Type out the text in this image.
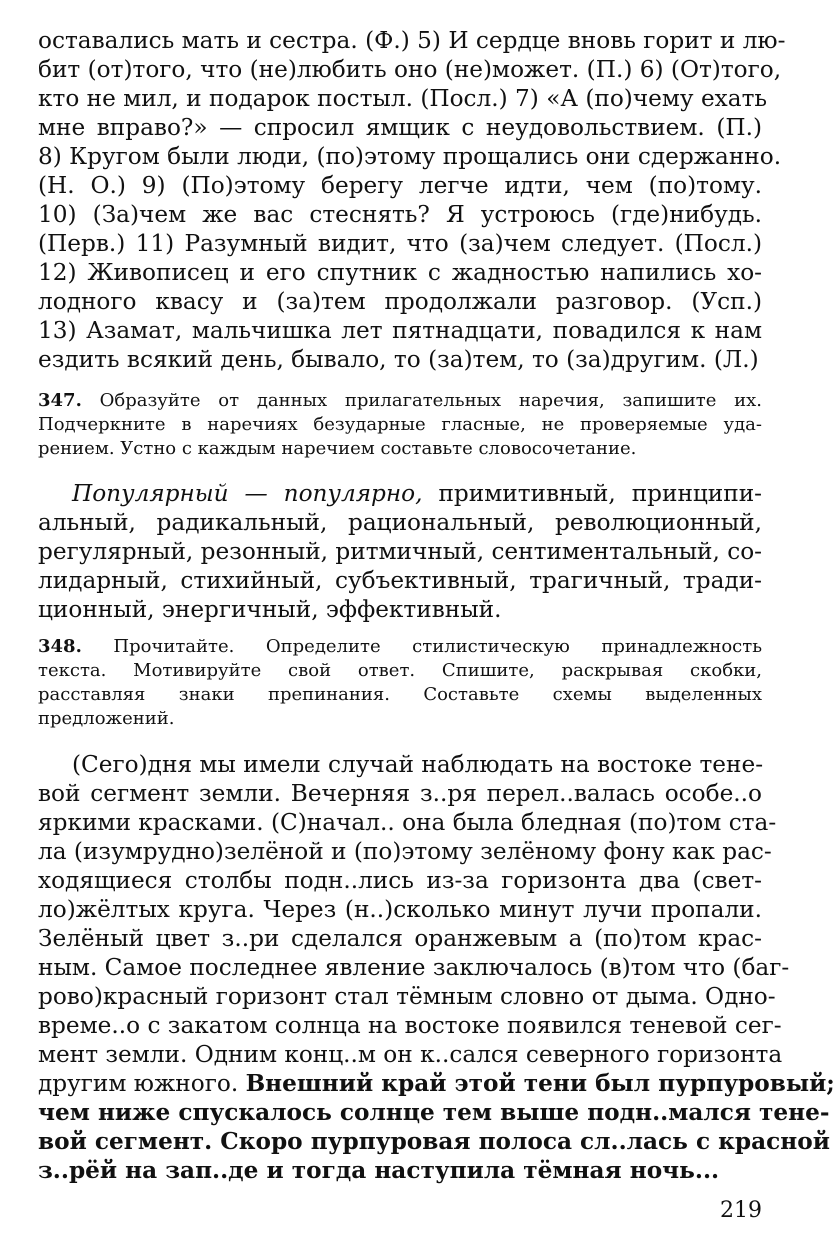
оставались мать и сестра. (Ф.) 5) И сердце вновь горит и лю-
бит (от)того, что (не)любить оно (не)может. (П.) 6) (От)того,
кто не мил, и подарок постыл. (Посл.) 7) «А (по)чему ехать
мне вправо?» — спросил ямщик с неудовольствием. (П.)
8) Кругом были люди, (по)этому прощались они сдержанно.
(Н. О.) 9) (По)этому берегу легче идти, чем (по)тому.
10) (За)чем же вас стеснять? Я устроюсь (где)нибудь.
(Перв.) 11) Разумный видит, что (за)чем следует. (Посл.)
12) Живописец и его спутник с жадностью напились хо-
лодного квасу и (за)тем продолжали разговор. (Усп.)
13) Азамат, мальчишка лет пятнадцати, повадился к нам
ездить всякий день, бывало, то (за)тем, то (за)другим. (Л.)
347. Образуйте от данных прилагательных наречия, запишите их.
Подчеркните в наречиях безударные гласные, не проверяемые уда-
рением. Устно с каждым наречием составьте словосочетание.
Популярный — популярно, примитивный, принципи-
альный, радикальный, рациональный, революционный,
регулярный, резонный, ритмичный, сентиментальный, со-
лидарный, стихийный, субъективный, трагичный, тради-
ционный, энергичный, эффективный.
348. Прочитайте. Определите стилистическую принадлежность
текста. Мотивируйте свой ответ. Спишите, раскрывая скобки,
расставляя знаки препинания. Составьте схемы выделенных
предложений.
(Сего)дня мы имели случай наблюдать на востоке тене-
вой сегмент земли. Вечерняя з..ря перел..валась особе..о
яркими красками. (С)начал.. она была бледная (по)том ста-
ла (изумрудно)зелёной и (по)этому зелёному фону как рас-
ходящиеся столбы подн..лись из-за горизонта два (свет-
ло)жёлтых круга. Через (н..)сколько минут лучи пропали.
Зелёный цвет з..ри сделался оранжевым а (по)том крас-
ным. Самое последнее явление заключалось (в)том что (баг-
рово)красный горизонт стал тёмным словно от дыма. Одно-
време..о с закатом солнца на востоке появился теневой сег-
мент земли. Одним конц..м он к..сался северного горизонта
другим южного. Внешний край этой тени был пурпуровый;
чем ниже спускалось солнце тем выше подн..мался тене-
вой сегмент. Скоро пурпуровая полоса сл..лась с красной
з..рёй на зап..де и тогда наступила тёмная ночь...
219
